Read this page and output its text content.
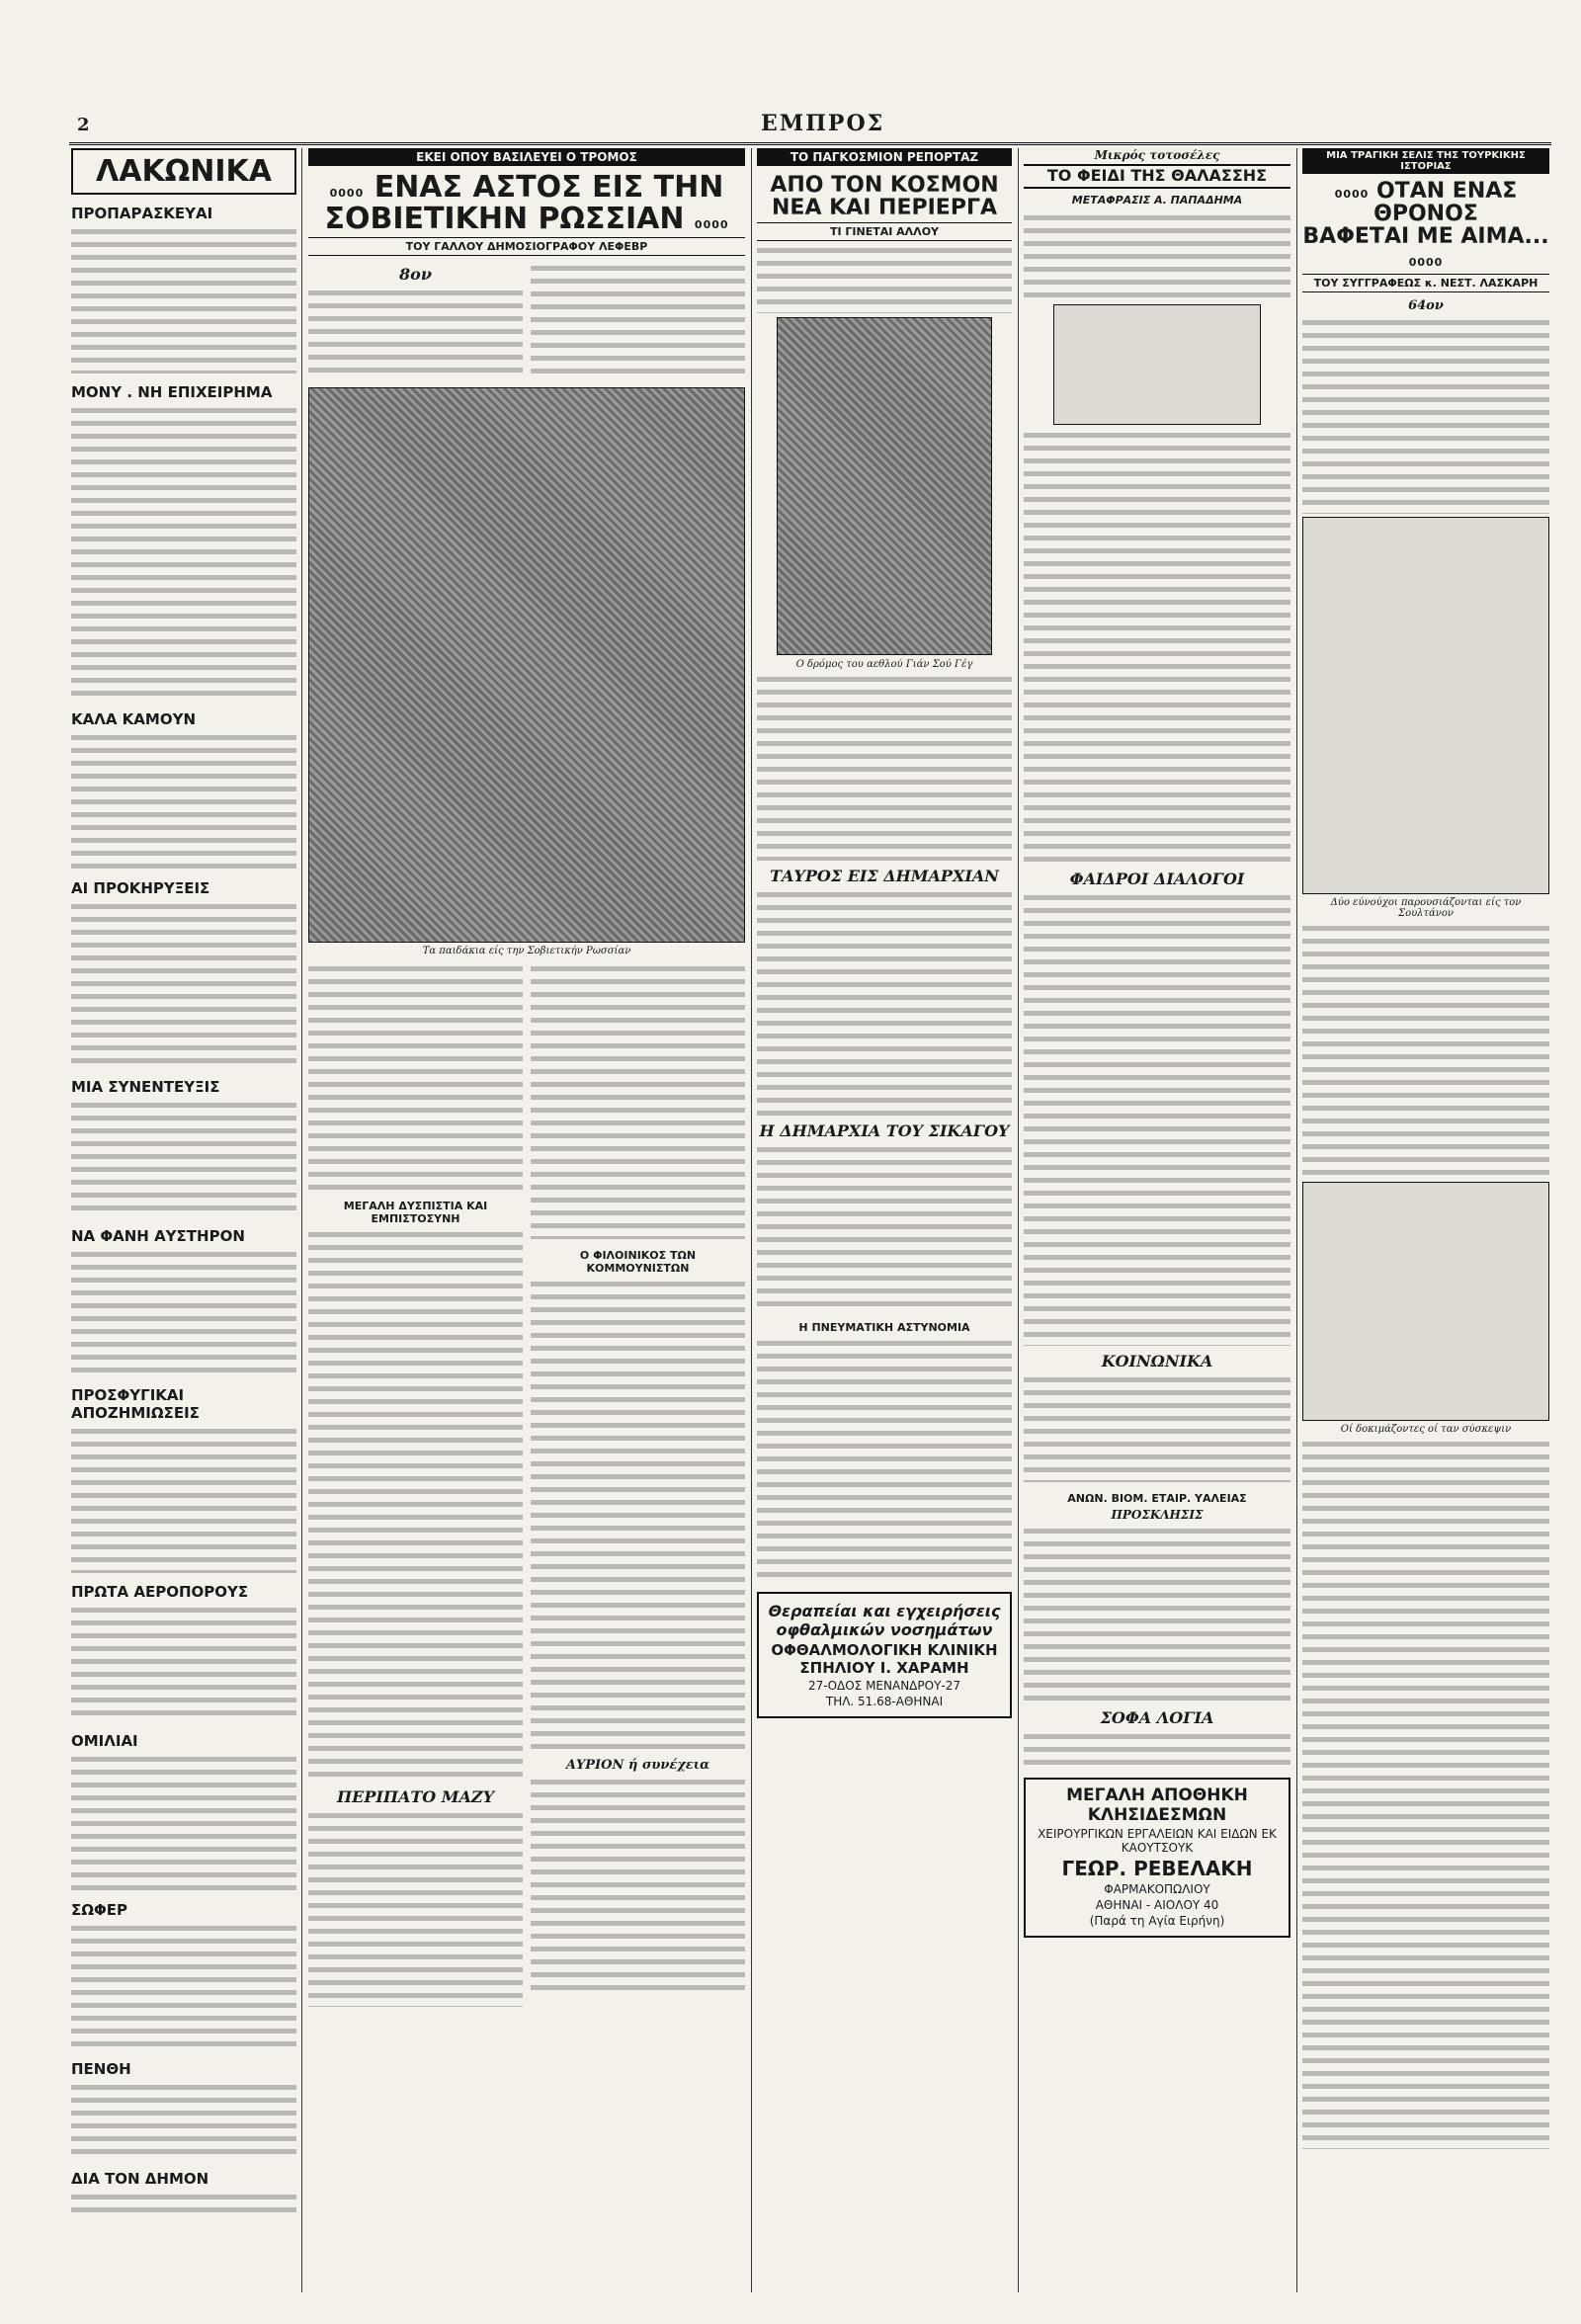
2	ΕΜΠΡΟΣ
ΛΑΚΩΝΙΚΑ
ΠΡΟΠΑΡΑΣΚΕΥΑΙ
ΜΟΝΥ . ΝΗ ΕΠΙΧΕΙΡΗΜΑ
ΚΑΛΑ ΚΑΜΟΥΝ
ΑΙ ΠΡΟΚΗΡΥΞΕΙΣ
ΜΙΑ ΣΥΝΕΝΤΕΥΞΙΣ
ΝΑ ΦΑΝΗ ΑΥΣΤΗΡΟΝ
ΠΡΟΣΦΥΓΙΚΑΙ ΑΠΟΖΗΜΙΩΣΕΙΣ
ΠΡΩΤΑ ΑΕΡΟΠΟΡΟΥΣ
ΟΜΙΛΙΑΙ
ΣΩΦΕΡ
ΠΕΝΘΗ
ΔΙΑ ΤΟΝ ΔΗΜΟΝ
ΕΚΕΙ ΟΠΟΥ ΒΑΣΙΛΕΥΕΙ Ο ΤΡΟΜΟΣ
0000 ΕΝΑΣ ΑΣΤΟΣ ΕΙΣ ΤΗΝ
ΣΟΒΙΕΤΙΚΗΝ ΡΩΣΣΙΑΝ 0000
ΤΟΥ ΓΑΛΛΟΥ ΔΗΜΟΣΙΟΓΡΑΦΟΥ ΛΕΦΕΒΡ
8ον
Τα παιδάκια είς την Σοβιετικήν Ρωσσίαν
ΜΕΓΑΛΗ ΔΥΣΠΙΣΤΙΑ ΚΑΙ ΕΜΠΙΣΤΟΣΥΝΗ
ΠΕΡΙΠΑΤΟ ΜΑΖΥ
Ο ΦΙΛΟΙΝΙΚΟΣ ΤΩΝ ΚΟΜΜΟΥΝΙΣΤΩΝ
ΑΥΡΙΟΝ ή συνέχεια
ΤΟ ΠΑΓΚΟΣΜΙΟΝ ΡΕΠΟΡΤΑΖ
ΑΠΟ ΤΟΝ ΚΟΣΜΟΝ
ΝΕΑ ΚΑΙ ΠΕΡΙΕΡΓΑ
ΤΙ ΓΙΝΕΤΑΙ ΑΛΛΟΥ
Ο δρόμος του αεθλού Γιάν Σού Γέγ
ΤΑΥΡΟΣ ΕΙΣ ΔΗΜΑΡΧΙΑΝ
Η ΔΗΜΑΡΧΙΑ ΤΟΥ ΣΙΚΑΓΟΥ
Η ΠΝΕΥΜΑΤΙΚΗ ΑΣΤΥΝΟΜΙΑ
Θεραπείαι και εγχειρήσεις οφθαλμικών νοσημάτων
ΟΦΘΑΛΜΟΛΟΓΙΚΗ ΚΛΙΝΙΚΗ ΣΠΗΛΙΟΥ Ι. ΧΑΡΑΜΗ
27-ΟΔΟΣ ΜΕΝΑΝΔΡΟΥ-27
ΤΗΛ. 51.68-ΑΘΗΝΑΙ
Μικρός τοτοσέλες
ΤΟ ΦΕΙΔΙ ΤΗΣ ΘΑΛΑΣΣΗΣ
ΜΕΤΑΦΡΑΣΙΣ Α. ΠΑΠΑΔΗΜΑ
ΦΑΙΔΡΟΙ ΔΙΑΛΟΓΟΙ
ΚΟΙΝΩΝΙΚΑ
ΑΝΩΝ. ΒΙΟΜ. ΕΤΑΙΡ. ΥΑΛΕΙΑΣ
ΠΡΟΣΚΛΗΣΙΣ
ΣΟΦΑ ΛΟΓΙΑ
ΜΕΓΑΛΗ ΑΠΟΘΗΚΗ ΚΛΗΣΙΔΕΣΜΩΝ
ΧΕΙΡΟΥΡΓΙΚΩΝ ΕΡΓΑΛΕΙΩΝ ΚΑΙ ΕΙΔΩΝ ΕΚ ΚΑΟΥΤΣΟΥΚ
ΓΕΩΡ. ΡΕΒΕΛΑΚΗ
ΦΑΡΜΑΚΟΠΩΛΙΟΥ
ΑΘΗΝΑΙ - ΑΙΟΛΟΥ 40
(Παρά τη Αγία Ειρήνη)
ΜΙΑ ΤΡΑΓΙΚΗ ΣΕΛΙΣ ΤΗΣ ΤΟΥΡΚΙΚΗΣ ΙΣΤΟΡΙΑΣ
0000 ΟΤΑΝ ΕΝΑΣ ΘΡΟΝΟΣ
ΒΑΦΕΤΑΙ ΜΕ ΑΙΜΑ... 0000
ΤΟΥ ΣΥΓΓΡΑΦΕΩΣ κ. ΝΕΣΤ. ΛΑΣΚΑΡΗ
64ον
Δύο εύνούχοι παρουσιάζονται είς τον Σουλτάνον
Οί δοκιμάζοντες οί ταν σύσκεψιν
